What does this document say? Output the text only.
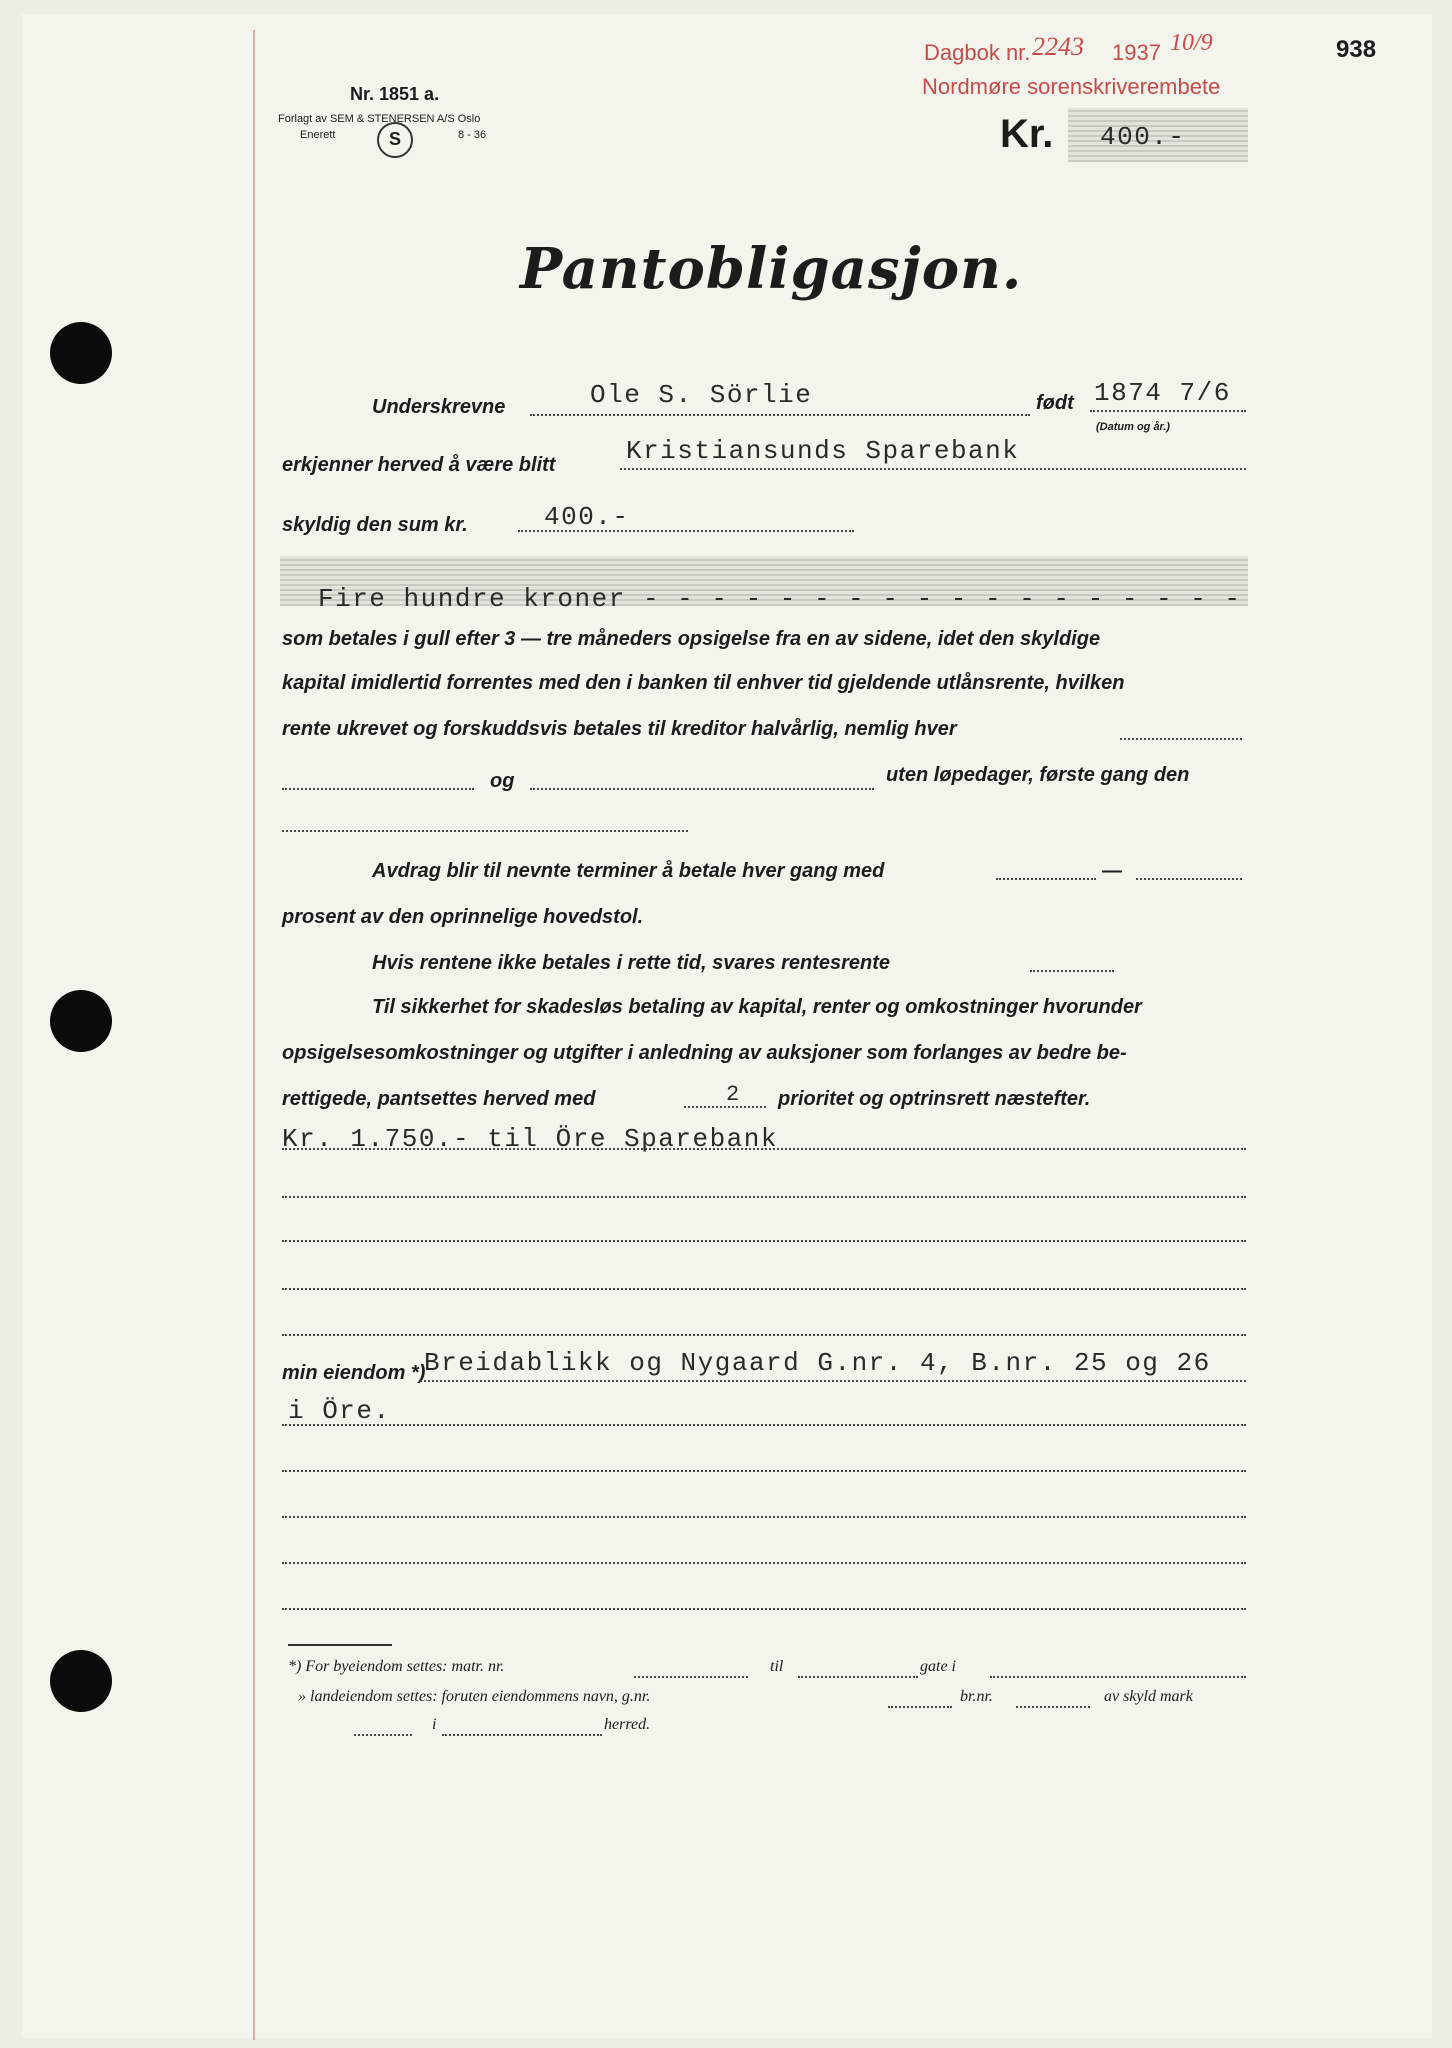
Nr. 1851 a.
Forlagt av SEM & STENERSEN A/S Oslo
Enerett	8 - 36
S
Dagbok nr. 2243 1937 10/9
Nordmøre sorenskriverembete
938
Kr. 400.-
Pantobligasjon.
Underskrevne	Ole S. Sörlie	født 1874 7/6
(Datum og år.)
erkjenner herved å være blitt	Kristiansunds Sparebank
skyldig den sum kr.	400.-
Fire hundre kroner - - - - - - - - - - - - - - - - - -
som betales i gull efter 3 — tre måneders opsigelse fra en av sidene, idet den skyldige
kapital imidlertid forrentes med den i banken til enhver tid gjeldende utlånsrente, hvilken
rente ukrevet og forskuddsvis betales til kreditor halvårlig, nemlig hver
og	uten løpedager, første gang den
Avdrag blir til nevnte terminer å betale hver gang med	—
prosent av den oprinnelige hovedstol.
Hvis rentene ikke betales i rette tid, svares rentesrente
Til sikkerhet for skadesløs betaling av kapital, renter og omkostninger hvorunder
opsigelsesomkostninger og utgifter i anledning av auksjoner som forlanges av bedre be-
rettigede, pantsettes herved med	2 prioritet og optrinsrett næstefter.
Kr. 1.750.- til Öre Sparebank
min eiendom *)
Breidablikk og Nygaard G.nr. 4, B.nr. 25 og 26
i Öre.
*) For byeiendom settes: matr. nr.	til	gate i
» landeiendom settes: foruten eiendommens navn, g.nr.	br.nr.	av skyld mark
i	herred.
